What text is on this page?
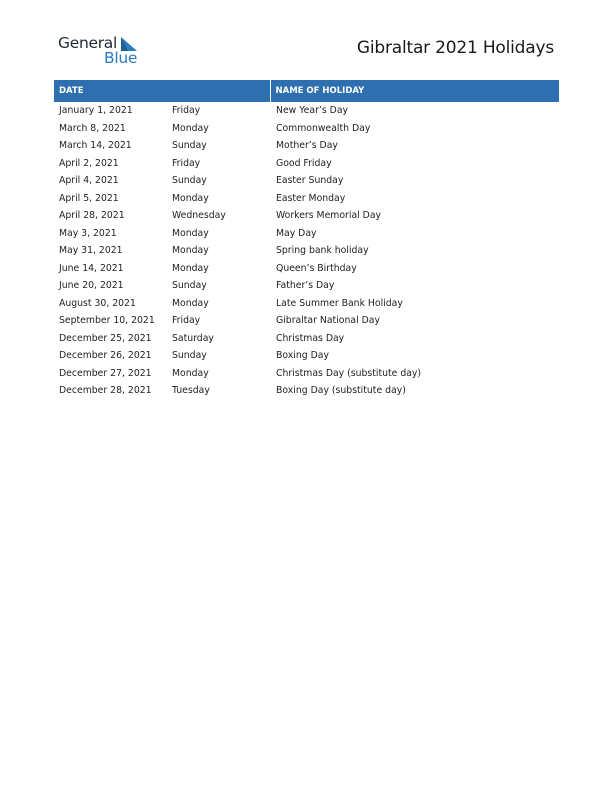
General
Blue	Gibraltar 2021 Holidays
DATE		NAME OF HOLIDAY
January 1, 2021	Friday	New Year’s Day
March 8, 2021	Monday	Commonwealth Day
March 14, 2021	Sunday	Mother’s Day
April 2, 2021	Friday	Good Friday
April 4, 2021	Sunday	Easter Sunday
April 5, 2021	Monday	Easter Monday
April 28, 2021	Wednesday	Workers Memorial Day
May 3, 2021	Monday	May Day
May 31, 2021	Monday	Spring bank holiday
June 14, 2021	Monday	Queen’s Birthday
June 20, 2021	Sunday	Father’s Day
August 30, 2021	Monday	Late Summer Bank Holiday
September 10, 2021	Friday	Gibraltar National Day
December 25, 2021	Saturday	Christmas Day
December 26, 2021	Sunday	Boxing Day
December 27, 2021	Monday	Christmas Day (substitute day)
December 28, 2021	Tuesday	Boxing Day (substitute day)
